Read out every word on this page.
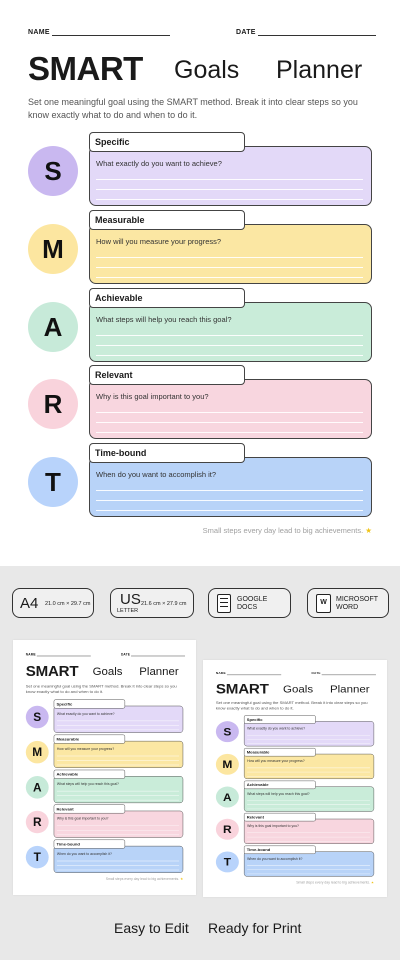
NAME	DATE
SMART Goals Planner
Set one meaningful goal using the SMART method. Break it into clear steps so you know exactly what to do and when to do it.
S	What exactly do you want to achieve?
Specific
M	How will you measure your progress?
Measurable
A	What steps will help you reach this goal?
Achievable
R	Why is this goal important to you?
Relevant
T	When do you want to accomplish it?
Time-bound
Small steps every day lead to big achievements. ★
A4 21.0 cm × 29.7 cm US
LETTER
21.6 cm × 27.9 cm
GOOGLE
DOCS
W	MICROSOFT
WORD
NAME	DATE
SMART Goals Planner
Set one meaningful goal using the SMART method. Break it into clear steps so you know exactly what to do and when to do it.
S	What exactly do you want to achieve?
Specific
M	How will you measure your progress?
Measurable
A	What steps will help you reach this goal?
Achievable
R	Why is this goal important to you?
Relevant
T	When do you want to accomplish it?
Time-bound
Small steps every day lead to big achievements. ★
NAME	DATE
SMART Goals Planner
Set one meaningful goal using the SMART method. Break it into clear steps so you know exactly what to do and when to do it.
S	What exactly do you want to achieve?
Specific
M	How will you measure your progress?
Measurable
A	What steps will help you reach this goal?
Achievable
R	Why is this goal important to you?
Relevant
T	When do you want to accomplish it?
Time-bound
Small steps every day lead to big achievements. ★
Easy to Edit Ready for Print
